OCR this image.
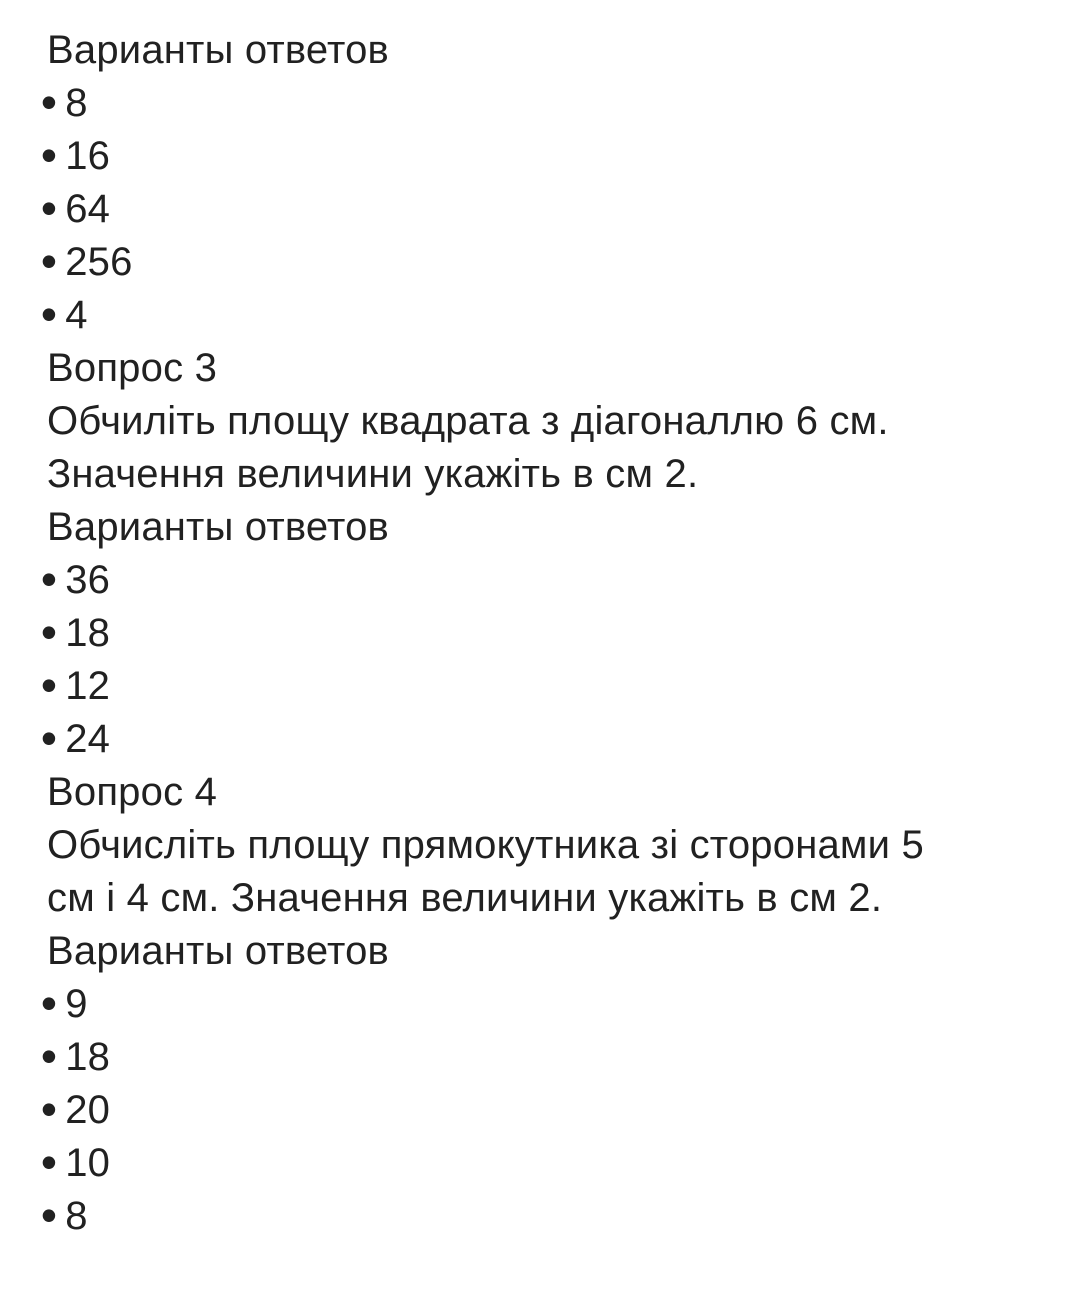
Варианты ответов
• 8
• 16
• 64
• 256
• 4
Вопрос 3
Обчиліть площу квадрата з діагоналлю 6 см.
Значення величини укажіть в см 2.
Варианты ответов
• 36
• 18
• 12
• 24
Вопрос 4
Обчисліть площу прямокутника зі сторонами 5
см і 4 см. Значення величини укажіть в см 2.
Варианты ответов
• 9
• 18
• 20
• 10
• 8
